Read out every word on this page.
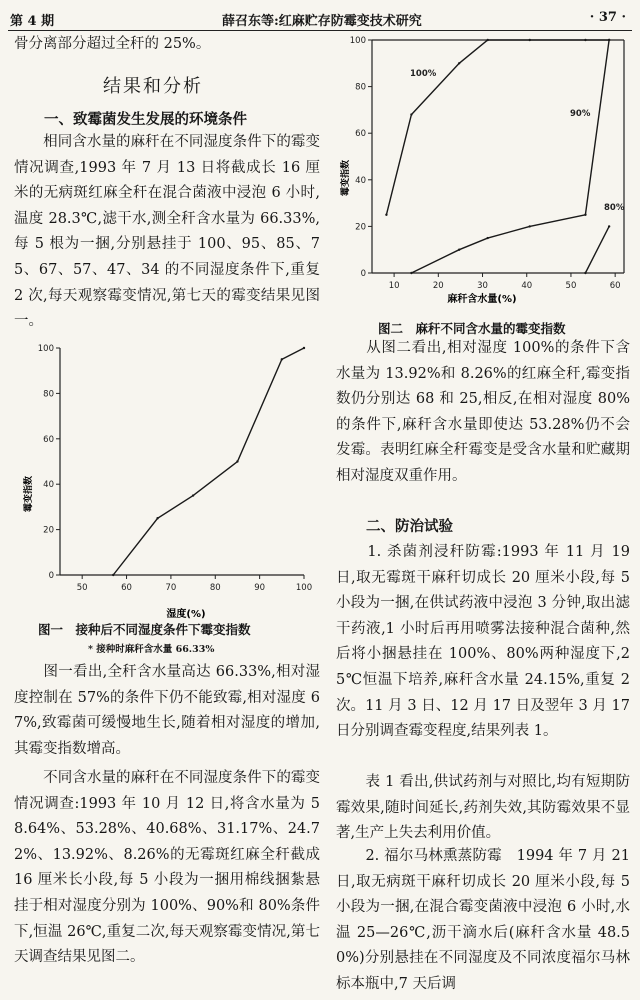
第 4 期	薛召东等:红麻贮存防霉变技术研究	· 37 ·

骨分离部分超过全秆的 25%。

结果和分析
一、致霉菌发生发展的环境条件

　　相同含水量的麻秆在不同湿度条件下的霉变情况调查,1993 年 7 月 13 日将截成长 16 厘米的无病斑红麻全秆在混合菌液中浸泡 6 小时,温度 28.3℃,滤干水,测全秆含水量为 66.33%,每 5 根为一捆,分别悬挂于 100、95、85、75、67、57、47、34 的不同湿度条件下,重复 2 次,每天观察霉变情况,第七天的霉变结果见图一。

0
20
40
60
80
100
50	60	70	80	90	100
霉变指数
湿度(%)
图一　接种后不同湿度条件下霉变指数
* 接种时麻秆含水量 66.33%

　　图一看出,全秆含水量高达 66.33%,相对湿度控制在 57%的条件下仍不能致霉,相对湿度 67%,致霉菌可缓慢地生长,随着相对湿度的增加,其霉变指数增高。

　　不同含水量的麻秆在不同湿度条件下的霉变情况调查:1993 年 10 月 12 日,将含水量为 58.64%、53.28%、40.68%、31.17%、24.72%、13.92%、8.26%的无霉斑红麻全秆截成 16 厘米长小段,每 5 小段为一捆用棉线捆紮悬挂于相对湿度分别为 100%、90%和 80%条件下,恒温 26℃,重复二次,每天观察霉变情况,第七天调查结果见图二。

0
20
40
60
80
100
10	20	30	40	50	60
100%
90%
80%
霉变指数
麻秆含水量(%)
图二　麻秆不同含水量的霉变指数

　　从图二看出,相对湿度 100%的条件下含水量为 13.92%和 8.26%的红麻全秆,霉变指数仍分别达 68 和 25,相反,在相对湿度 80%的条件下,麻秆含水量即使达 53.28%仍不会发霉。表明红麻全秆霉变是受含水量和贮藏期相对湿度双重作用。

二、防治试验

　　1. 杀菌剂浸秆防霉:1993 年 11 月 19 日,取无霉斑干麻秆切成长 20 厘米小段,每 5 小段为一捆,在供试药液中浸泡 3 分钟,取出滤干药液,1 小时后再用喷雾法接种混合菌种,然后将小捆悬挂在 100%、80%两种湿度下,25℃恒温下培养,麻秆含水量 24.15%,重复 2 次。11 月 3 日、12 月 17 日及翌年 3 月 17 日分别调查霉变程度,结果列表 1。

　　表 1 看出,供试药剂与对照比,均有短期防霉效果,随时间延长,药剂失效,其防霉效果不显著,生产上失去利用价值。

　　2. 福尔马林熏蒸防霉　1994 年 7 月 21 日,取无病斑干麻秆切成长 20 厘米小段,每 5 小段为一捆,在混合霉变菌液中浸泡 6 小时,水温 25—26℃,沥干滴水后(麻秆含水量 48.50%)分别悬挂在不同湿度及不同浓度福尔马林标本瓶中,7 天后调
